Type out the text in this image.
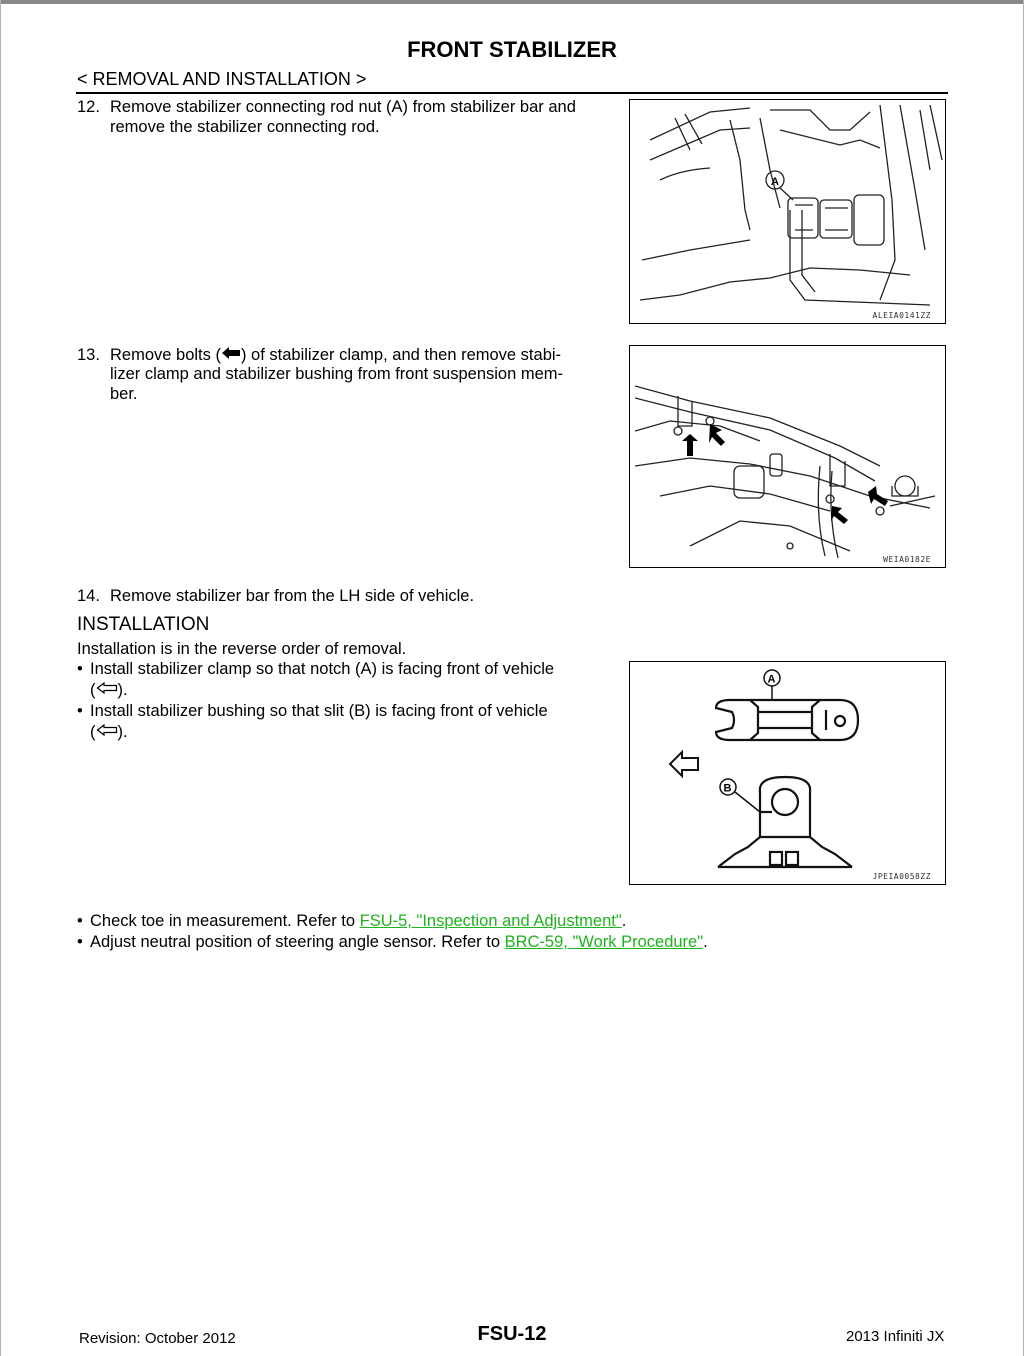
FRONT STABILIZER
< REMOVAL AND INSTALLATION >
12. Remove stabilizer connecting rod nut (A) from stabilizer bar and
remove the stabilizer connecting rod.
A
ALEIA0141ZZ
13. Remove bolts ( ) of stabilizer clamp, and then remove stabi-
lizer clamp and stabilizer bushing from front suspension mem-
ber.
WEIA0182E
14. Remove stabilizer bar from the LH side of vehicle.
INSTALLATION
Installation is in the reverse order of removal.
• Install stabilizer clamp so that notch (A) is facing front of vehicle
( ).
• Install stabilizer bushing so that slit (B) is facing front of vehicle
( ).
A
B
JPEIA0058ZZ
• Check toe in measurement. Refer to FSU-5, "Inspection and Adjustment".
• Adjust neutral position of steering angle sensor. Refer to BRC-59, "Work Procedure".
Revision: October 2012	FSU-12	2013 Infiniti JX
